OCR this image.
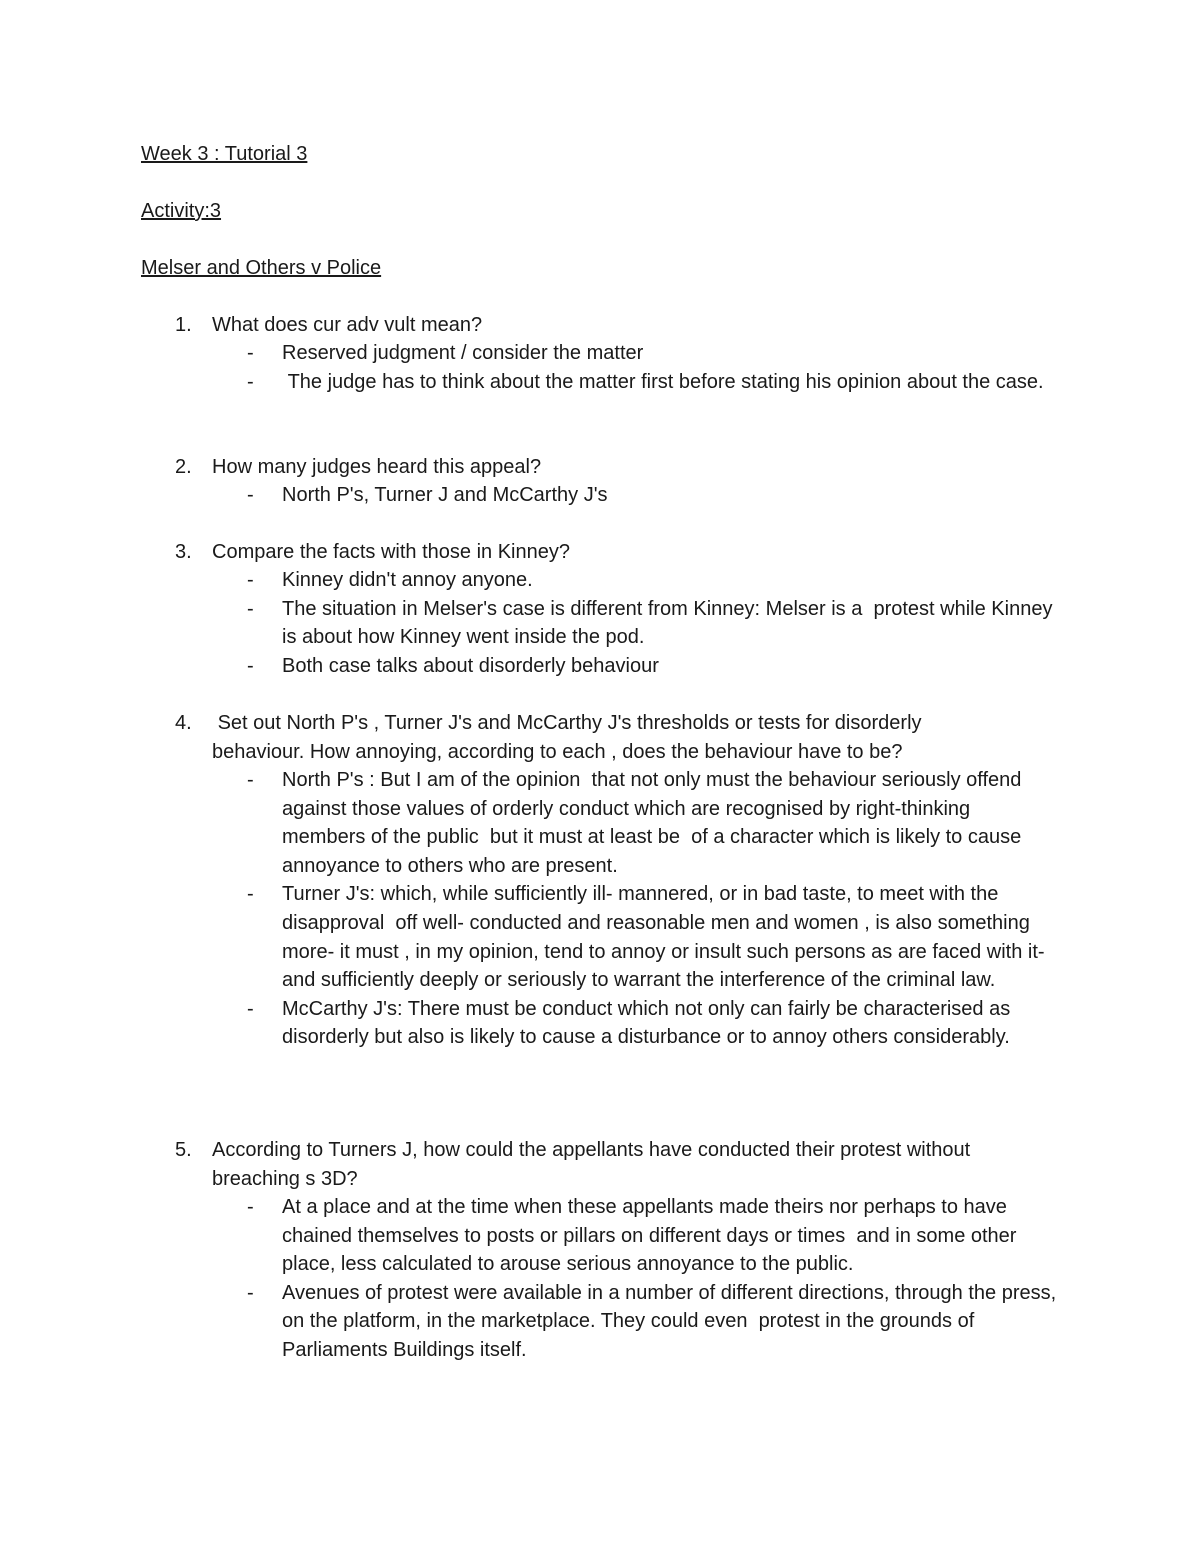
Week 3 : Tutorial 3
Activity:3
Melser and Others v Police
1.	What does cur adv vult mean?
- Reserved judgment / consider the matter
- The judge has to think about the matter first before stating his opinion about the case.
2.	How many judges heard this appeal?
- North P's, Turner J and McCarthy J's
3.	Compare the facts with those in Kinney?
- Kinney didn't annoy anyone.
- The situation in Melser's case is different from Kinney: Melser is a  protest while Kinney is about how Kinney went inside the pod.
- Both case talks about disorderly behaviour
4.	Set out North P's , Turner J's and McCarthy J's thresholds or tests for disorderly behaviour. How annoying, according to each , does the behaviour have to be?
- North P's : But I am of the opinion  that not only must the behaviour seriously offend against those values of orderly conduct which are recognised by right-thinking  members of the public  but it must at least be  of a character which is likely to cause annoyance to others who are present.
- Turner J's: which, while sufficiently ill- mannered, or in bad taste, to meet with the disapproval  off well- conducted and reasonable men and women , is also something  more- it must , in my opinion, tend to annoy or insult such persons as are faced with it- and sufficiently deeply or seriously to warrant the interference of the criminal law.
- McCarthy J's: There must be conduct which not only can fairly be characterised as disorderly but also is likely to cause a disturbance or to annoy others considerably.
5.	According to Turners J, how could the appellants have conducted their protest without breaching s 3D?
- At a place and at the time when these appellants made theirs nor perhaps to have chained themselves to posts or pillars on different days or times  and in some other place, less calculated to arouse serious annoyance to the public.
- Avenues of protest were available in a number of different directions, through the press, on the platform, in the marketplace. They could even  protest in the grounds of Parliaments Buildings itself.
